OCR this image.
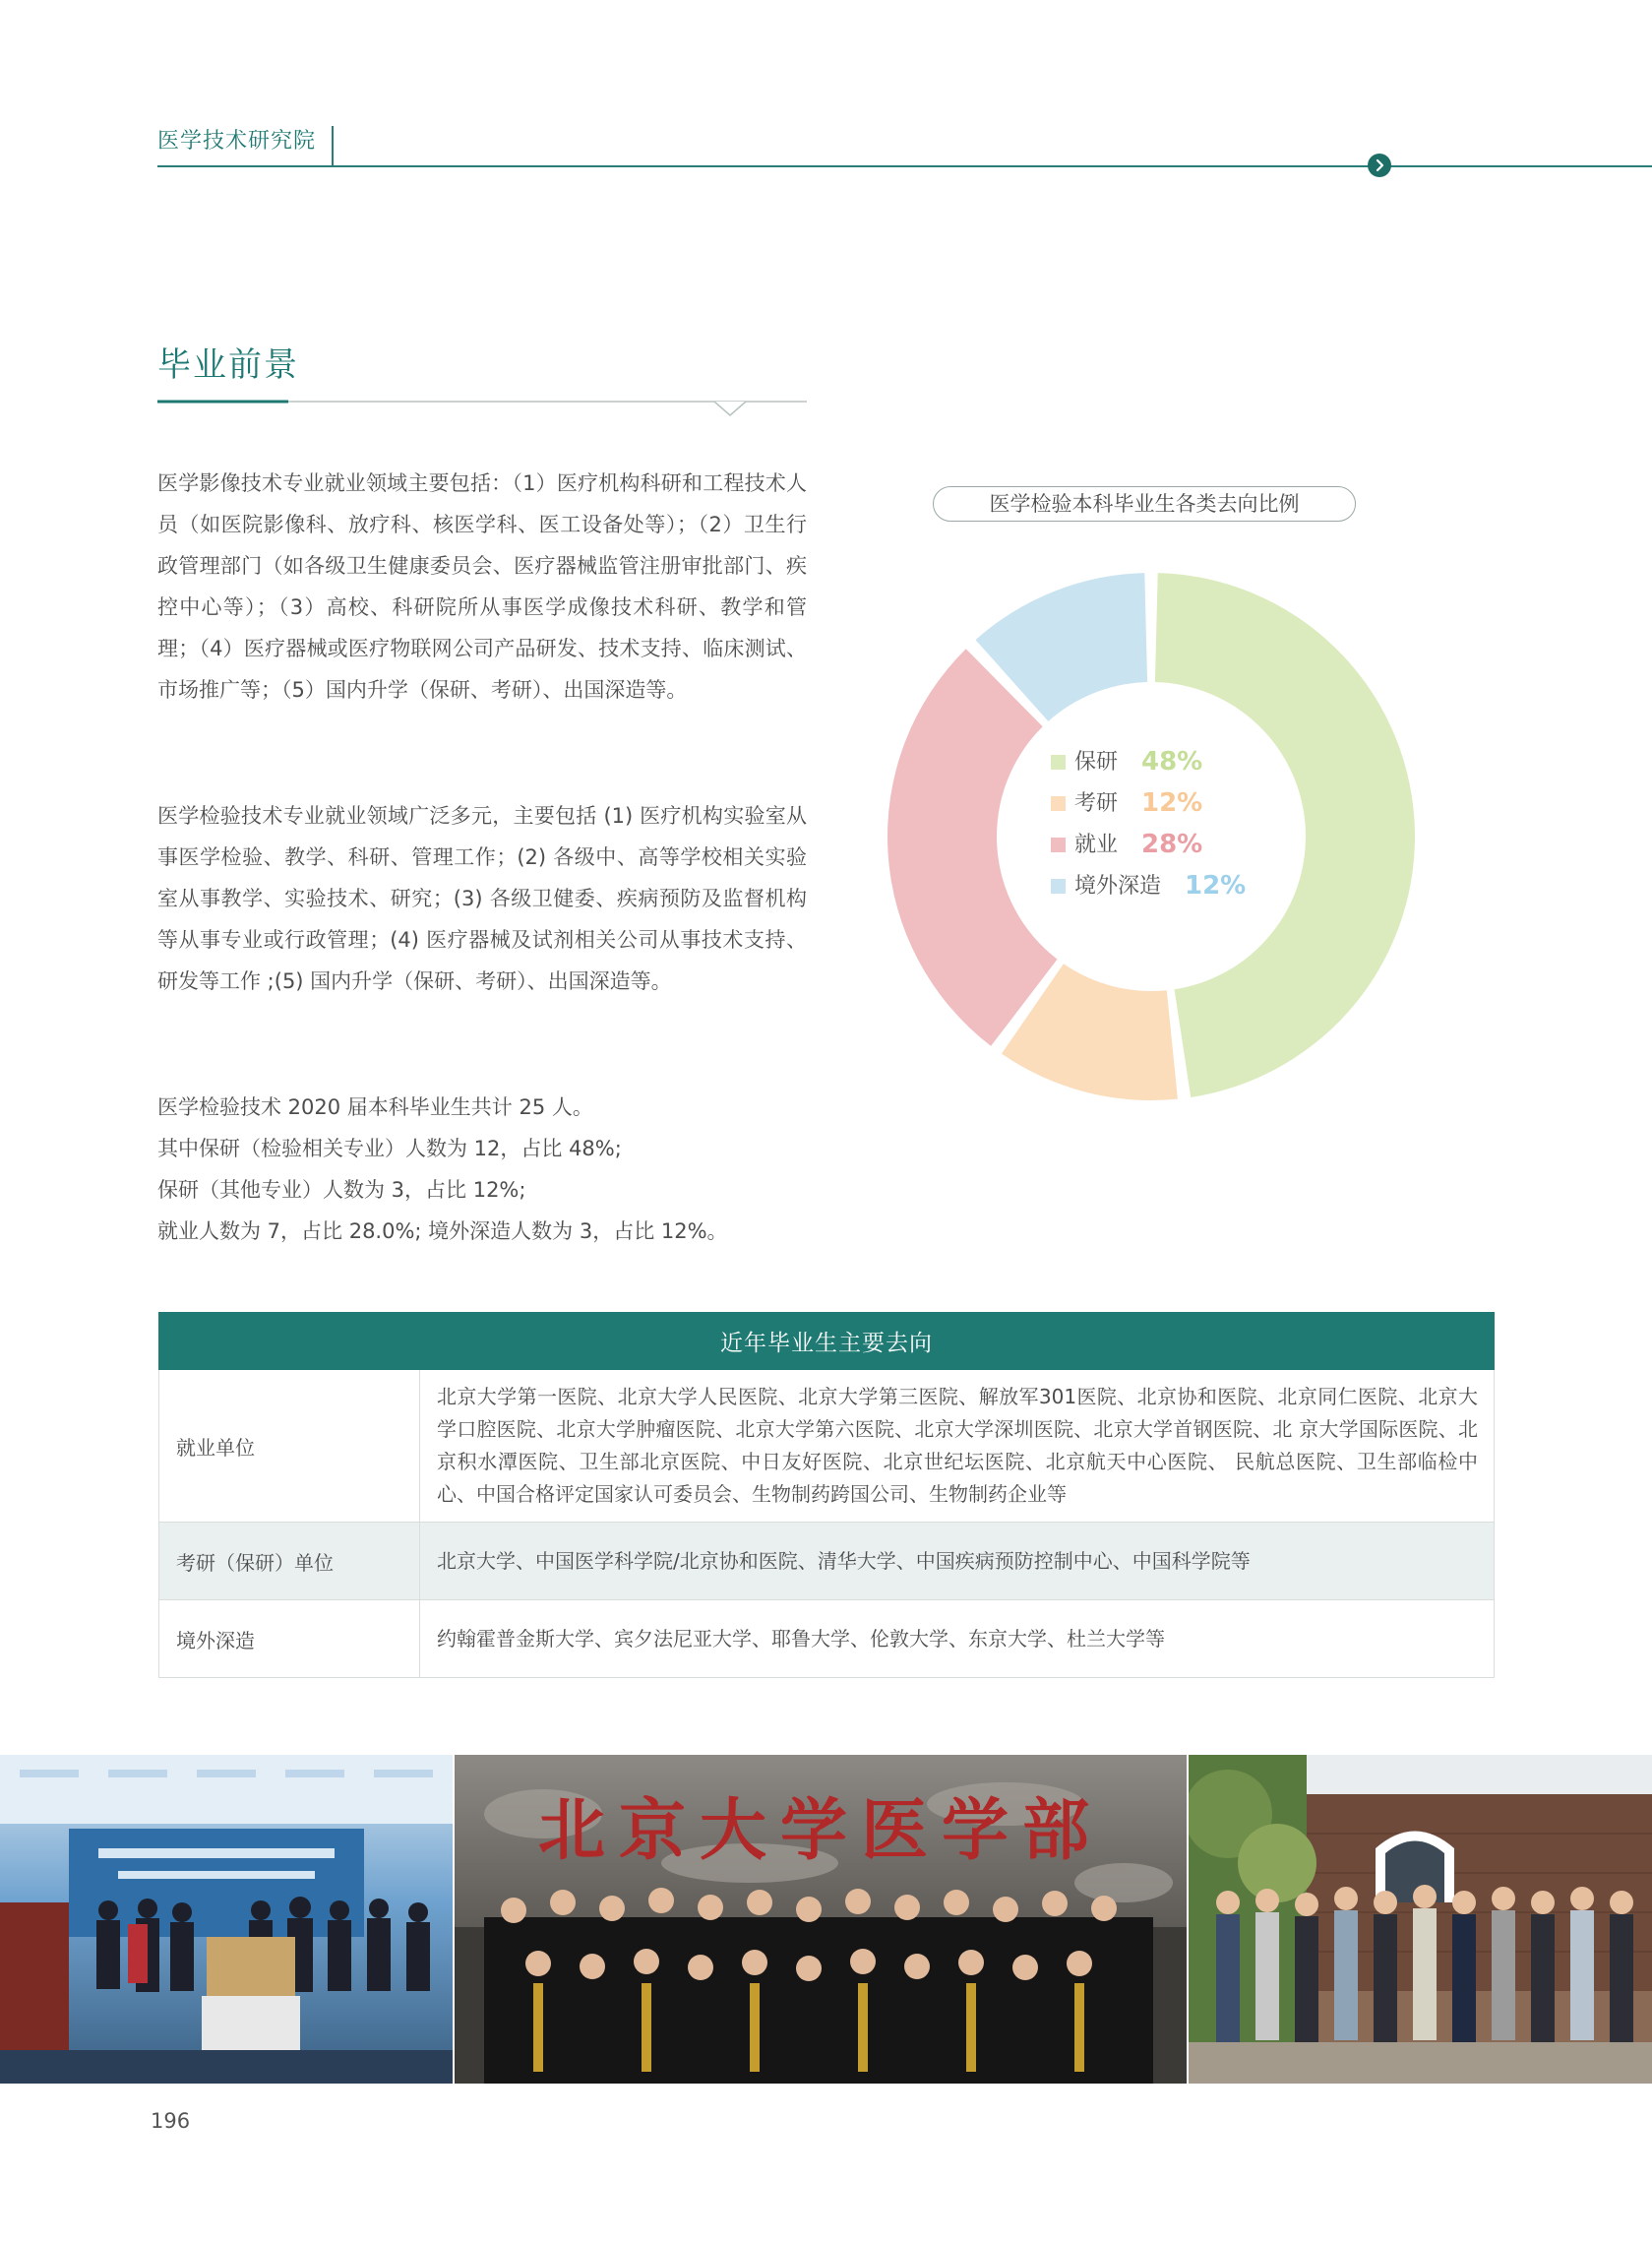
医学技术研究院
毕业前景

医学影像技术专业就业领域主要包括：（1）医疗机构科研和工程技术人员（如医院影像科、放疗科、核医学科、医工设备处等）；（2）卫生行政管理部门（如各级卫生健康委员会、医疗器械监管注册审批部门、疾控中心等）；（3）高校、科研院所从事医学成像技术科研、教学和管理；（4）医疗器械或医疗物联网公司产品研发、技术支持、临床测试、市场推广等；（5）国内升学（保研、考研）、出国深造等。

医学检验技术专业就业领域广泛多元，主要包括 (1) 医疗机构实验室从事医学检验、教学、科研、管理工作；(2) 各级中、高等学校相关实验室从事教学、实验技术、研究；(3) 各级卫健委、疾病预防及监督机构等从事专业或行政管理；(4) 医疗器械及试剂相关公司从事技术支持、研发等工作 ;(5) 国内升学（保研、考研）、出国深造等。

医学检验技术 2020 届本科毕业生共计 25 人。
其中保研（检验相关专业）人数为 12，占比 48%;
保研（其他专业）人数为 3，占比 12%;
就业人数为 7，占比 28.0%; 境外深造人数为 3，占比 12%。
医学检验本科毕业生各类去向比例
保研 48%
考研 12%
就业 28%
境外深造 12%
近年毕业生主要去向	
就业单位	北京大学第一医院、北京大学人民医院、北京大学第三医院、解放军301医院、北京协和医院、北京同仁医院、北京大学口腔医院、北京大学肿瘤医院、北京大学第六医院、北京大学深圳医院、北京大学首钢医院、北 京大学国际医院、北京积水潭医院、卫生部北京医院、中日友好医院、北京世纪坛医院、北京航天中心医院、 民航总医院、卫生部临检中心、中国合格评定国家认可委员会、生物制药跨国公司、生物制药企业等
考研（保研）单位	北京大学、中国医学科学院/北京协和医院、清华大学、中国疾病预防控制中心、中国科学院等
境外深造	约翰霍普金斯大学、宾夕法尼亚大学、耶鲁大学、伦敦大学、东京大学、杜兰大学等
北京大学医学部
196
